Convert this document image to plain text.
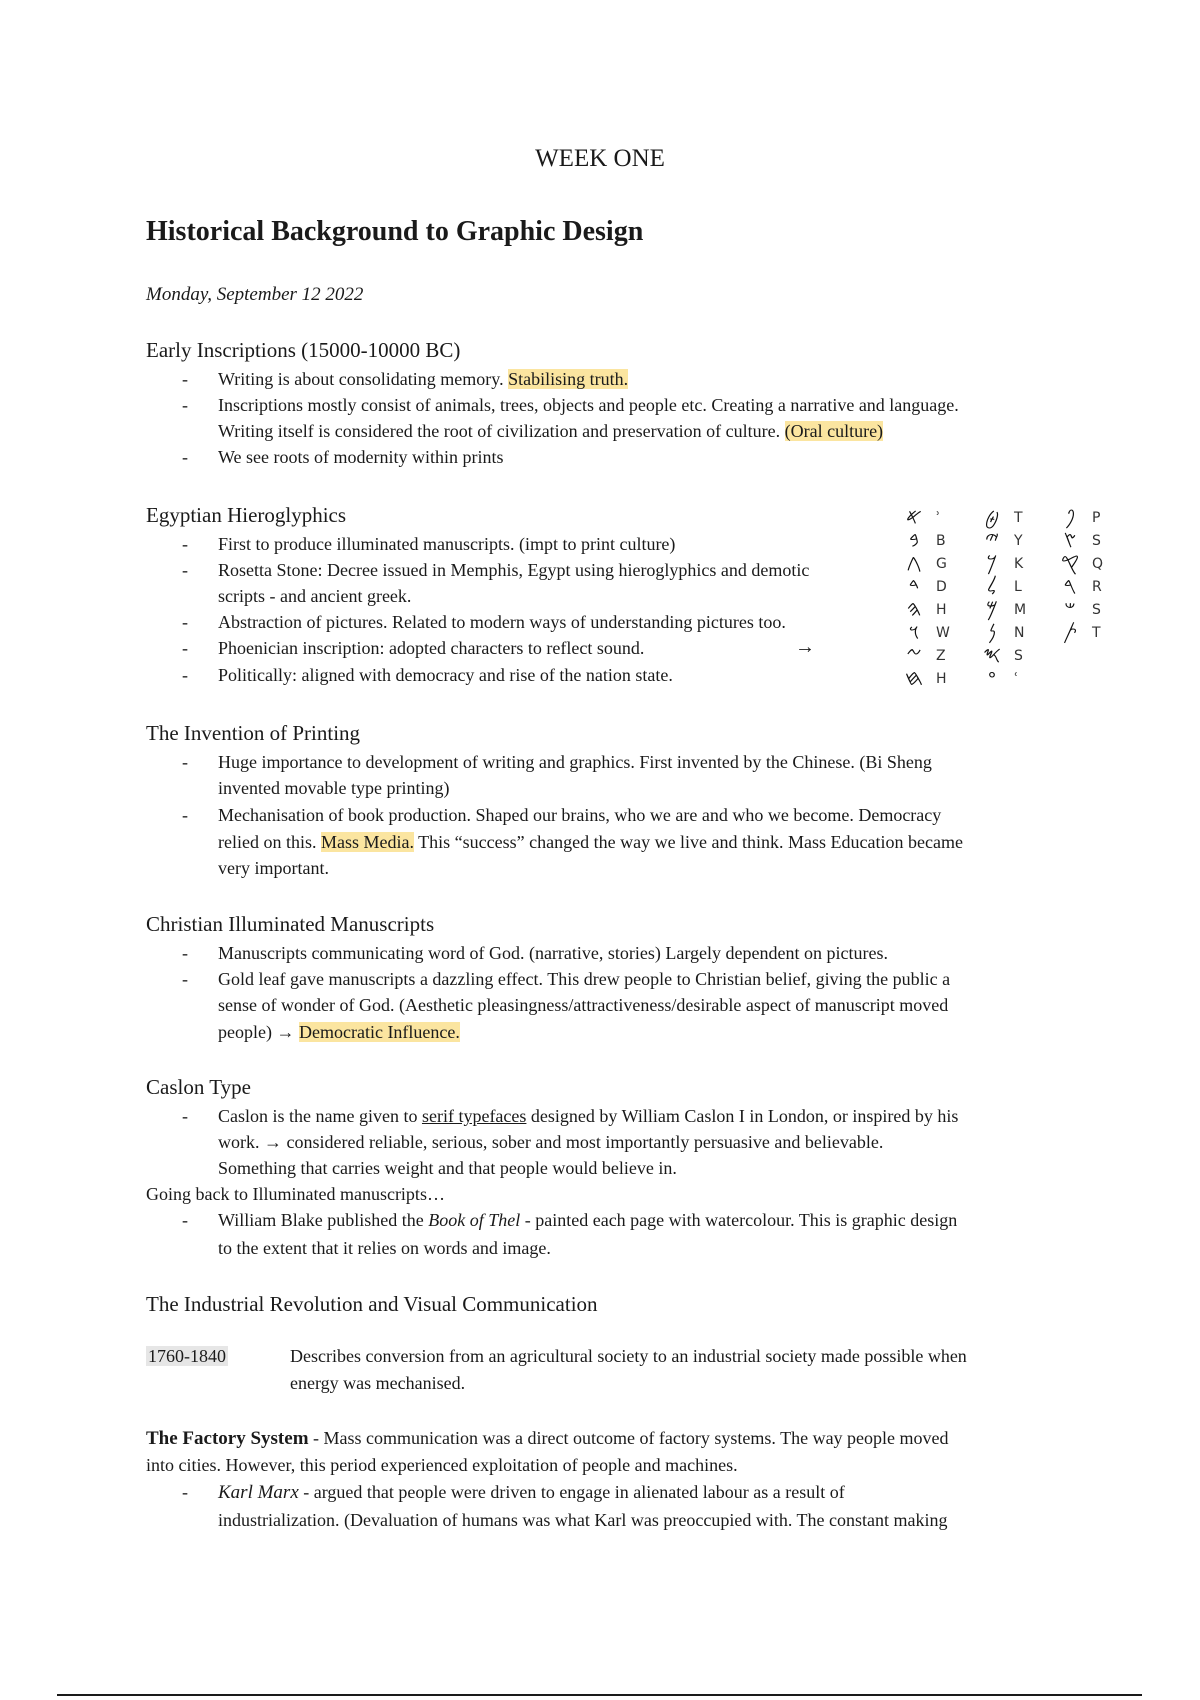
WEEK ONE
Historical Background to Graphic Design
Monday, September 12 2022
Early Inscriptions (15000-10000 BC)
- Writing is about consolidating memory. Stabilising truth.
- Inscriptions mostly consist of animals, trees, objects and people etc. Creating a narrative and language.
Writing itself is considered the root of civilization and preservation of culture. (Oral culture)
- We see roots of modernity within prints
Egyptian Hieroglyphics
- First to produce illuminated manuscripts. (impt to print culture)
- Rosetta Stone: Decree issued in Memphis, Egypt using hieroglyphics and demotic
scripts - and ancient greek.
- Abstraction of pictures. Related to modern ways of understanding pictures too.
- Phoenician inscription: adopted characters to reflect sound.	→
- Politically: aligned with democracy and rise of the nation state.
𐤀 ʾ
𐤁 B
𐤂 G
𐤃 D
𐤄 H
𐤅 W
𐤆 Z
𐤇 H
𐤈 T
𐤉 Y
𐤊 K
𐤋 L
𐤌 M
𐤍 N
𐤎 S
𐤏 ʿ
𐤐 P
𐤑 S
𐤒 Q
𐤓 R
𐤔 S
𐤕 T
The Invention of Printing
- Huge importance to development of writing and graphics. First invented by the Chinese. (Bi Sheng
invented movable type printing)
- Mechanisation of book production. Shaped our brains, who we are and who we become. Democracy
relied on this. Mass Media. This “success” changed the way we live and think. Mass Education became
very important.
Christian Illuminated Manuscripts
- Manuscripts communicating word of God. (narrative, stories) Largely dependent on pictures.
- Gold leaf gave manuscripts a dazzling effect. This drew people to Christian belief, giving the public a
sense of wonder of God. (Aesthetic pleasingness/attractiveness/desirable aspect of manuscript moved
people) → Democratic Influence.
Caslon Type
- Caslon is the name given to serif typefaces designed by William Caslon I in London, or inspired by his
work. → considered reliable, serious, sober and most importantly persuasive and believable.
Something that carries weight and that people would believe in.
Going back to Illuminated manuscripts…
- William Blake published the Book of Thel - painted each page with watercolour. This is graphic design
to the extent that it relies on words and image.
The Industrial Revolution and Visual Communication
1760-1840	Describes conversion from an agricultural society to an industrial society made possible when
energy was mechanised.
The Factory System - Mass communication was a direct outcome of factory systems. The way people moved
into cities. However, this period experienced exploitation of people and machines.
- Karl Marx - argued that people were driven to engage in alienated labour as a result of
industrialization. (Devaluation of humans was what Karl was preoccupied with. The constant making
